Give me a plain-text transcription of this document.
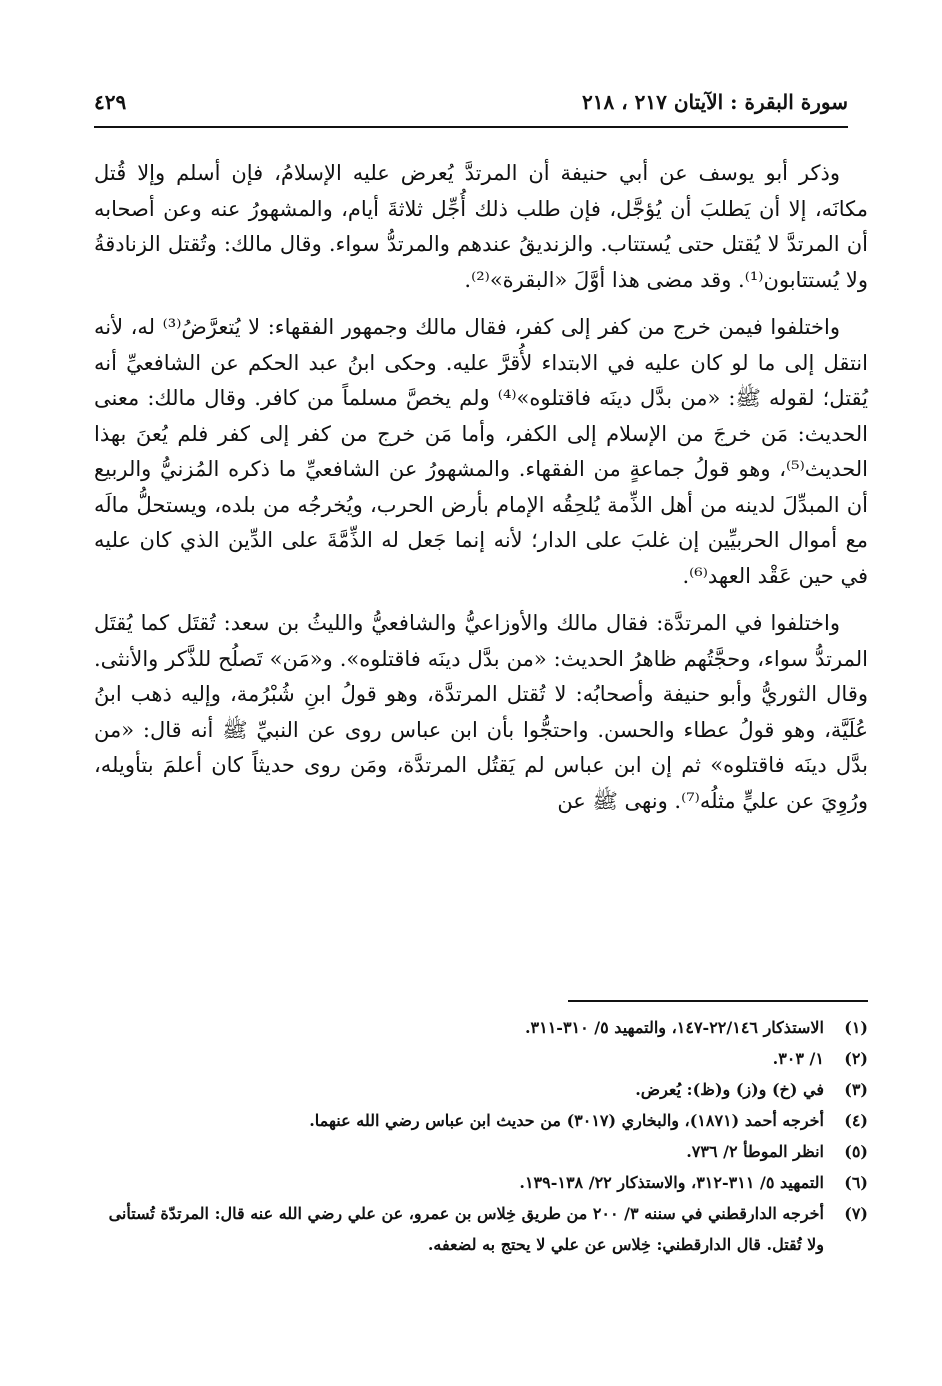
سورة البقرة : الآيتان ٢١٧ ، ٢١٨
٤٢٩

وذكر أبو يوسف عن أبي حنيفة أن المرتدَّ يُعرض عليه الإسلامُ، فإن أسلم وإلا قُتل مكانَه، إلا أن يَطلبَ أن يُؤجَّل، فإن طلب ذلك أُجِّل ثلاثةَ أيام، والمشهورُ عنه وعن أصحابه أن المرتدَّ لا يُقتل حتى يُستتاب. والزنديقُ عندهم والمرتدُّ سواء. وقال مالك: وتُقتل الزنادقةُ ولا يُستتابون⁽¹⁾. وقد مضى هذا أوَّلَ «البقرة»⁽²⁾.

واختلفوا فيمن خرج من كفر إلى كفر، فقال مالك وجمهور الفقهاء: لا يُتعرَّضُ⁽³⁾ له، لأنه انتقل إلى ما لو كان عليه في الابتداء لأُقرَّ عليه. وحكى ابنُ عبد الحكم عن الشافعيِّ أنه يُقتل؛ لقوله ﷺ: «من بدَّل دينَه فاقتلوه»⁽⁴⁾ ولم يخصَّ مسلماً من كافر. وقال مالك: معنى الحديث: مَن خرجَ من الإسلام إلى الكفر، وأما مَن خرج من كفر إلى كفر فلم يُعنَ بهذا الحديث⁽⁵⁾، وهو قولُ جماعةٍ من الفقهاء. والمشهورُ عن الشافعيِّ ما ذكره المُزنيُّ والربيع أن المبدِّلَ لدينه من أهل الذِّمة يُلحِقُه الإمام بأرض الحرب، ويُخرجُه من بلده، ويستحلُّ مالَه مع أموال الحربيِّين إن غلبَ على الدار؛ لأنه إنما جَعل له الذِّمَّةَ على الدِّين الذي كان عليه في حين عَقْد العهد⁽⁶⁾.

واختلفوا في المرتدَّة: فقال مالك والأوزاعيُّ والشافعيُّ والليثُ بن سعد: تُقتَل كما يُقتَل المرتدُّ سواء، وحجَّتُهم ظاهرُ الحديث: «من بدَّل دينَه فاقتلوه». و«مَن» تَصلُح للذَّكر والأنثى. وقال الثوريُّ وأبو حنيفة وأصحابُه: لا تُقتل المرتدَّة، وهو قولُ ابنِ شُبْرُمة، وإليه ذهب ابنُ عُلَيَّة، وهو قولُ عطاء والحسن. واحتجُّوا بأن ابن عباس روى عن النبيِّ ﷺ أنه قال: «من بدَّل دينَه فاقتلوه» ثم إن ابن عباس لم يَقتُل المرتدَّة، ومَن روى حديثاً كان أعلمَ بتأويله، ورُوِيَ عن عليٍّ مثلُه⁽⁷⁾. ونهى ﷺ عن

(١)
الاستذكار ٢٢/١٤٦-١٤٧، والتمهيد ٥/ ٣١٠-٣١١.
(٢)
١/ ٣٠٣.
(٣)
في (خ) و(ز) و(ظ): يُعرض.
(٤)
أخرجه أحمد (١٨٧١)، والبخاري (٣٠١٧) من حديث ابن عباس رضي الله عنهما.
(٥)
انظر الموطأ ٢/ ٧٣٦.
(٦)
التمهيد ٥/ ٣١١-٣١٢، والاستذكار ٢٢/ ١٣٨-١٣٩.
(٧)
أخرجه الدارقطني في سننه ٣/ ٢٠٠ من طريق خِلاس بن عمرو، عن علي رضي الله عنه قال: المرتدّة تُستأنى ولا تُقتل. قال الدارقطني: خِلاس عن علي لا يحتج به لضعفه.
